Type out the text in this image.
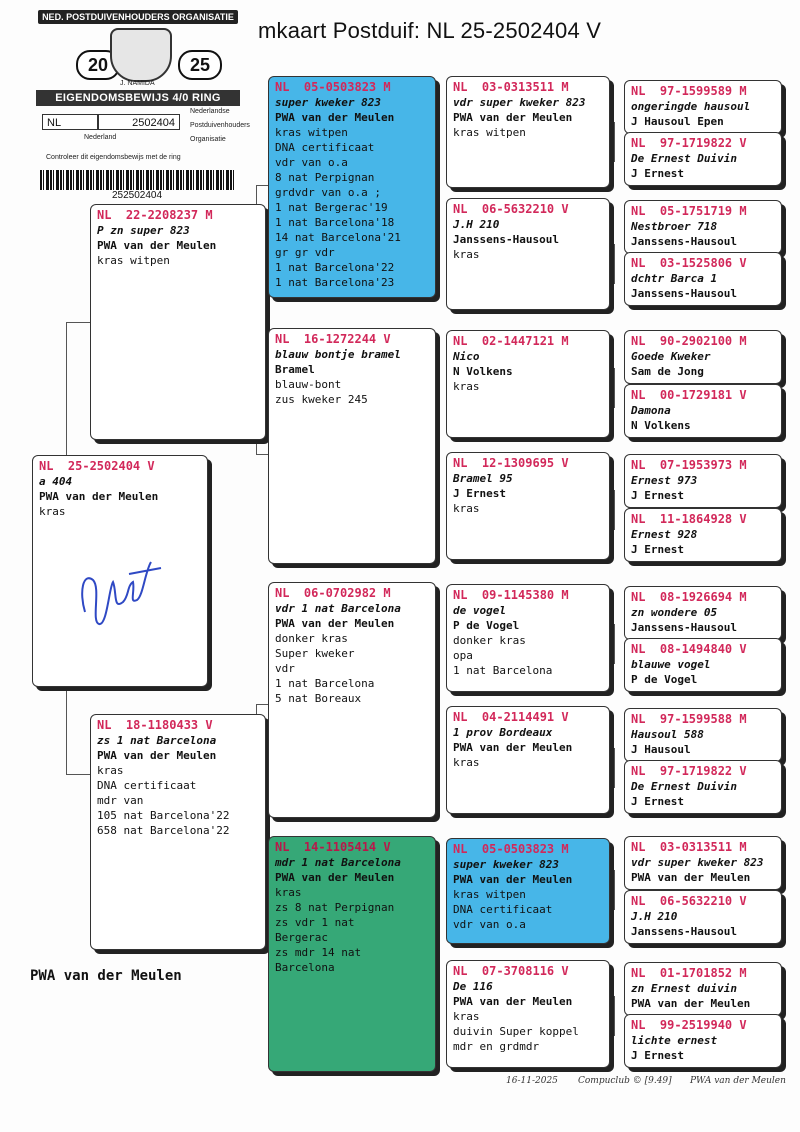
mkaart Postduif: NL 25-2502404 V
NED. POSTDUIVENHOUDERS ORGANISATIE
20	25
J. NAMIDA
EIGENDOMSBEWIJS 4/0 RING
NL	2502404
Nederlandse
Postduivenhouders
Organisatie
Nederland
Controleer dit eigendomsbewijs met de ring
252502404
NL  25-2502404 V
a 404
PWA van der Meulen
kras
NL  22-2208237 M
P zn super 823
PWA van der Meulen
kras witpen
NL  18-1180433 V
zs 1 nat Barcelona
PWA van der Meulen
kras
DNA certificaat
mdr van
105 nat Barcelona'22
658 nat Barcelona'22
NL  05-0503823 M
super kweker 823
PWA van der Meulen
kras witpen
DNA certificaat
vdr van o.a
8 nat Perpignan
grdvdr van o.a ;
1 nat Bergerac'19
1 nat Barcelona'18
14 nat Barcelona'21
gr gr vdr
1 nat Barcelona'22
1 nat Barcelona'23
NL  16-1272244 V
blauw bontje bramel
Bramel
blauw-bont
zus kweker 245
NL  06-0702982 M
vdr 1 nat Barcelona
PWA van der Meulen
donker kras
Super kweker
vdr
1 nat Barcelona
5 nat Boreaux
NL  14-1105414 V
mdr 1 nat Barcelona
PWA van der Meulen
kras
zs 8 nat Perpignan
zs vdr 1 nat
Bergerac
zs mdr 14 nat
Barcelona
NL  03-0313511 M
vdr super kweker 823
PWA van der Meulen
kras witpen
NL  06-5632210 V
J.H 210
Janssens-Hausoul
kras
NL  02-1447121 M
Nico
N Volkens
kras
NL  12-1309695 V
Bramel 95
J Ernest
kras
NL  09-1145380 M
de vogel
P de Vogel
donker kras
opa
1 nat Barcelona
NL  04-2114491 V
1 prov Bordeaux
PWA van der Meulen
kras
NL  05-0503823 M
super kweker 823
PWA van der Meulen
kras witpen
DNA certificaat
vdr van o.a
NL  07-3708116 V
De 116
PWA van der Meulen
kras
duivin Super koppel
mdr en grdmdr
NL  97-1599589 M
ongeringde hausoul
J Hausoul Epen
NL  97-1719822 V
De Ernest Duivin
J Ernest
NL  05-1751719 M
Nestbroer 718
Janssens-Hausoul
NL  03-1525806 V
dchtr Barca 1
Janssens-Hausoul
NL  90-2902100 M
Goede Kweker
Sam de Jong
NL  00-1729181 V
Damona
N Volkens
NL  07-1953973 M
Ernest 973
J Ernest
NL  11-1864928 V
Ernest 928
J Ernest
NL  08-1926694 M
zn wondere 05
Janssens-Hausoul
NL  08-1494840 V
blauwe vogel
P de Vogel
NL  97-1599588 M
Hausoul 588
J Hausoul
NL  97-1719822 V
De Ernest Duivin
J Ernest
NL  03-0313511 M
vdr super kweker 823
PWA van der Meulen
NL  06-5632210 V
J.H 210
Janssens-Hausoul
NL  01-1701852 M
zn Ernest duivin
PWA van der Meulen
NL  99-2519940 V
lichte ernest
J Ernest
PWA van der Meulen
16-11-2025 Compuclub © [9.49] PWA van der Meulen
